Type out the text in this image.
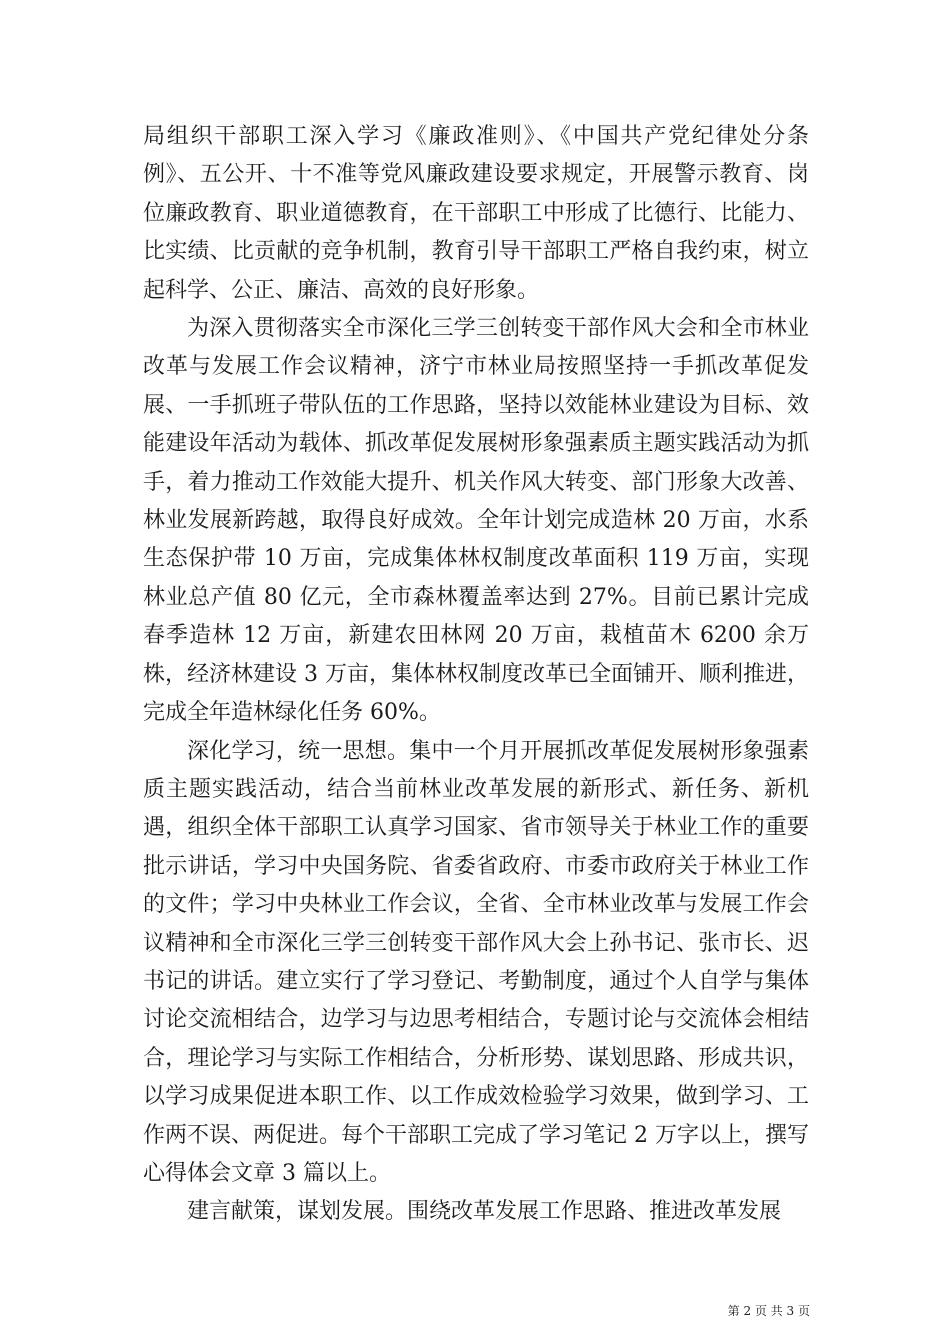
局组织干部职工深入学习《廉政准则》、《中国共产党纪律处分条例》、五公开、十不准等党风廉政建设要求规定，开展警示教育、岗位廉政教育、职业道德教育，在干部职工中形成了比德行、比能力、比实绩、比贡献的竞争机制，教育引导干部职工严格自我约束，树立起科学、公正、廉洁、高效的良好形象。

为深入贯彻落实全市深化三学三创转变干部作风大会和全市林业改革与发展工作会议精神，济宁市林业局按照坚持一手抓改革促发展、一手抓班子带队伍的工作思路，坚持以效能林业建设为目标、效能建设年活动为载体、抓改革促发展树形象强素质主题实践活动为抓手，着力推动工作效能大提升、机关作风大转变、部门形象大改善、林业发展新跨越，取得良好成效。全年计划完成造林 20 万亩，水系生态保护带 10 万亩，完成集体林权制度改革面积 119 万亩，实现林业总产值 80 亿元，全市森林覆盖率达到 27%。目前已累计完成春季造林 12 万亩，新建农田林网 20 万亩，栽植苗木 6200 余万株，经济林建设 3 万亩，集体林权制度改革已全面铺开、顺利推进，完成全年造林绿化任务 60%。

深化学习，统一思想。集中一个月开展抓改革促发展树形象强素质主题实践活动，结合当前林业改革发展的新形式、新任务、新机遇，组织全体干部职工认真学习国家、省市领导关于林业工作的重要批示讲话，学习中央国务院、省委省政府、市委市政府关于林业工作的文件；学习中央林业工作会议，全省、全市林业改革与发展工作会议精神和全市深化三学三创转变干部作风大会上孙书记、张市长、迟书记的讲话。建立实行了学习登记、考勤制度，通过个人自学与集体讨论交流相结合，边学习与边思考相结合，专题讨论与交流体会相结合，理论学习与实际工作相结合，分析形势、谋划思路、形成共识，以学习成果促进本职工作、以工作成效检验学习效果，做到学习、工作两不误、两促进。每个干部职工完成了学习笔记 2 万字以上，撰写心得体会文章 3 篇以上。

建言献策，谋划发展。围绕改革发展工作思路、推进改革发展

第 2 页 共 3 页
